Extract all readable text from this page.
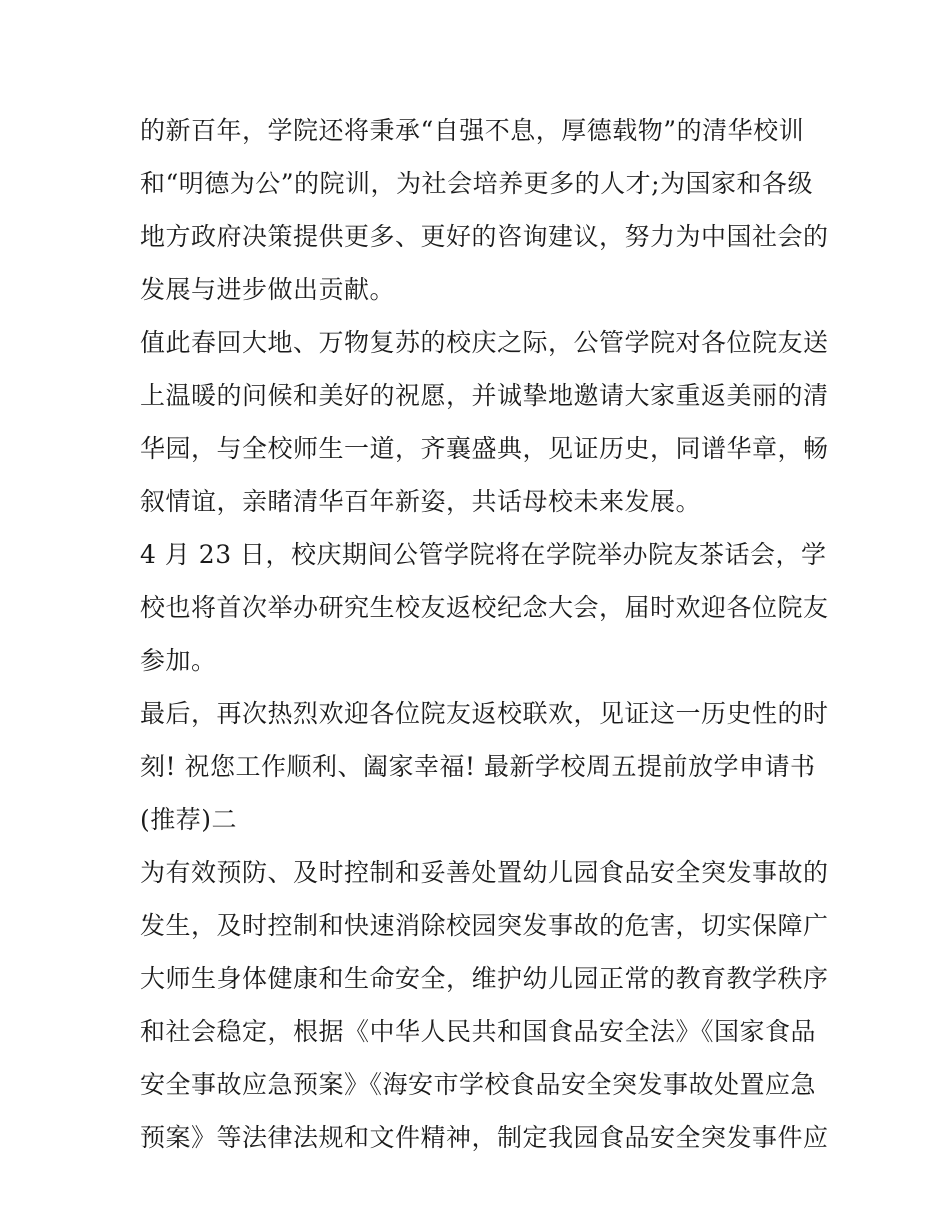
的新百年，学院还将秉承“自强不息，厚德载物”的清华校训

和“明德为公”的院训，为社会培养更多的人才;为国家和各级

地方政府决策提供更多、更好的咨询建议，努力为中国社会的

发展与进步做出贡献。

值此春回大地、万物复苏的校庆之际，公管学院对各位院友送

上温暖的问候和美好的祝愿，并诚挚地邀请大家重返美丽的清

华园，与全校师生一道，齐襄盛典，见证历史，同谱华章，畅

叙情谊，亲睹清华百年新姿，共话母校未来发展。

4 月 23 日，校庆期间公管学院将在学院举办院友茶话会，学

校也将首次举办研究生校友返校纪念大会，届时欢迎各位院友

参加。

最后，再次热烈欢迎各位院友返校联欢，见证这一历史性的时

刻! 祝您工作顺利、阖家幸福! 最新学校周五提前放学申请书

(推荐)二

为有效预防、及时控制和妥善处置幼儿园食品安全突发事故的

发生，及时控制和快速消除校园突发事故的危害，切实保障广

大师生身体健康和生命安全，维护幼儿园正常的教育教学秩序

和社会稳定，根据《中华人民共和国食品安全法》《国家食品

安全事故应急预案》《海安市学校食品安全突发事故处置应急

预案》等法律法规和文件精神，制定我园食品安全突发事件应
